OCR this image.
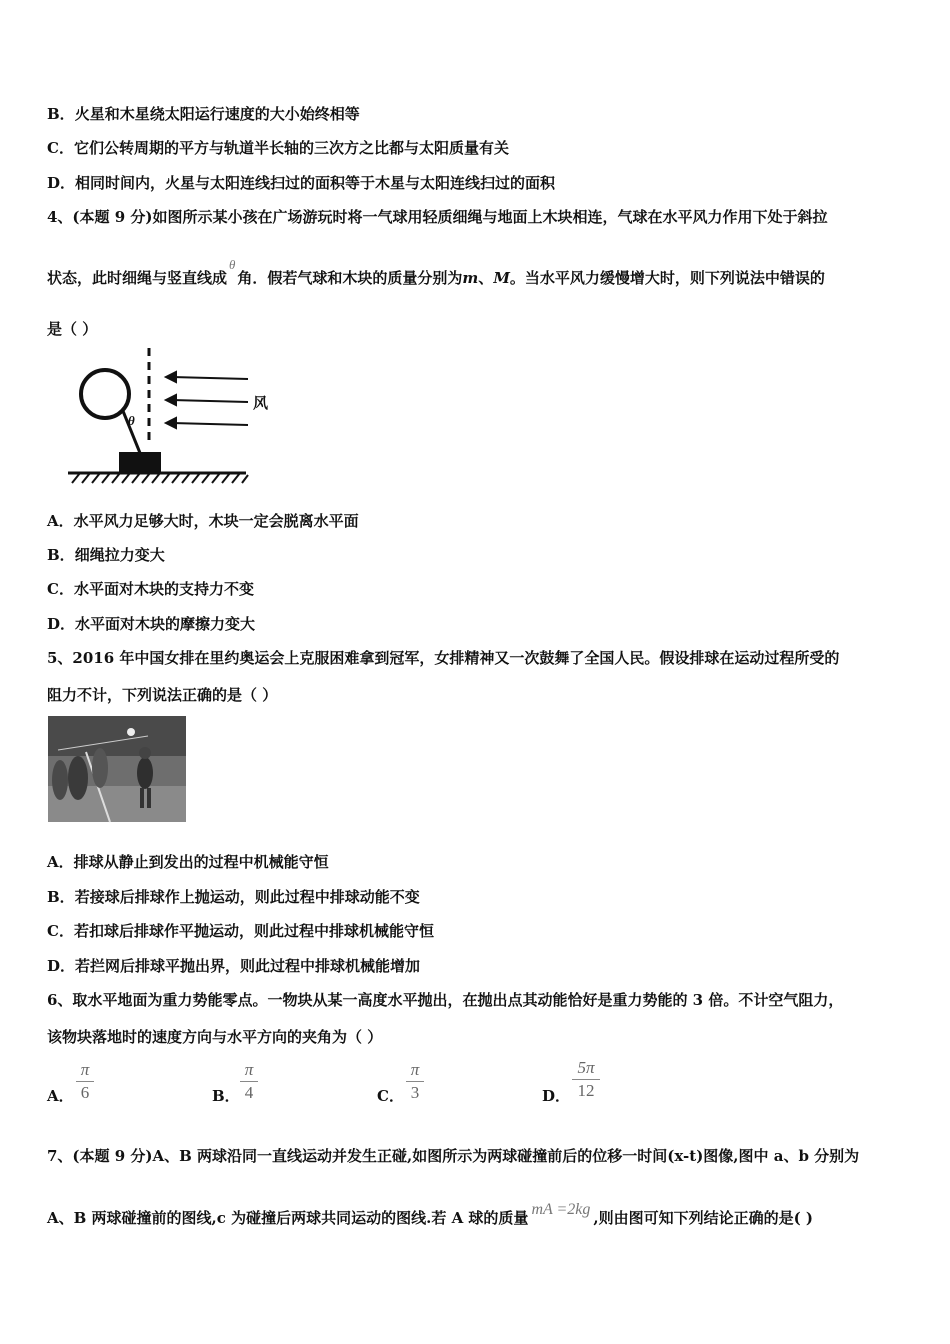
B．火星和木星绕太阳运行速度的大小始终相等
C．它们公转周期的平方与轨道半长轴的三次方之比都与太阳质量有关
D．相同时间内，火星与太阳连线扫过的面积等于木星与太阳连线扫过的面积
4、(本题 9 分)如图所示某小孩在广场游玩时将一气球用轻质细绳与地面上木块相连，气球在水平风力作用下处于斜拉
状态，此时细绳与竖直线成θ角．假若气球和木块的质量分别为m、M。当水平风力缓慢增大时，则下列说法中错误的
是（ ）
风
θ
A．水平风力足够大时，木块一定会脱离水平面
B．细绳拉力变大
C．水平面对木块的支持力不变
D．水平面对木块的摩擦力变大
5、2016 年中国女排在里约奥运会上克服困难拿到冠军，女排精神又一次鼓舞了全国人民。假设排球在运动过程所受的
阻力不计，下列说法正确的是（ ）
A．排球从静止到发出的过程中机械能守恒
B．若接球后排球作上抛运动，则此过程中排球动能不变
C．若扣球后排球作平抛运动，则此过程中排球机械能守恒
D．若拦网后排球平抛出界，则此过程中排球机械能增加
6、取水平地面为重力势能零点。一物块从某一高度水平抛出，在抛出点其动能恰好是重力势能的 3 倍。不计空气阻力，
该物块落地时的速度方向与水平方向的夹角为（ ）
A．
π
6	B．
π
4	C．
π
3	D．
5π
12
7、(本题 9 分)A、B 两球沿同一直线运动并发生正碰,如图所示为两球碰撞前后的位移一时间(x-t)图像,图中 a、b 分别为
A、B 两球碰撞前的图线,c 为碰撞后两球共同运动的图线.若 A 球的质量 mA =2kg ,则由图可知下列结论正确的是( )
